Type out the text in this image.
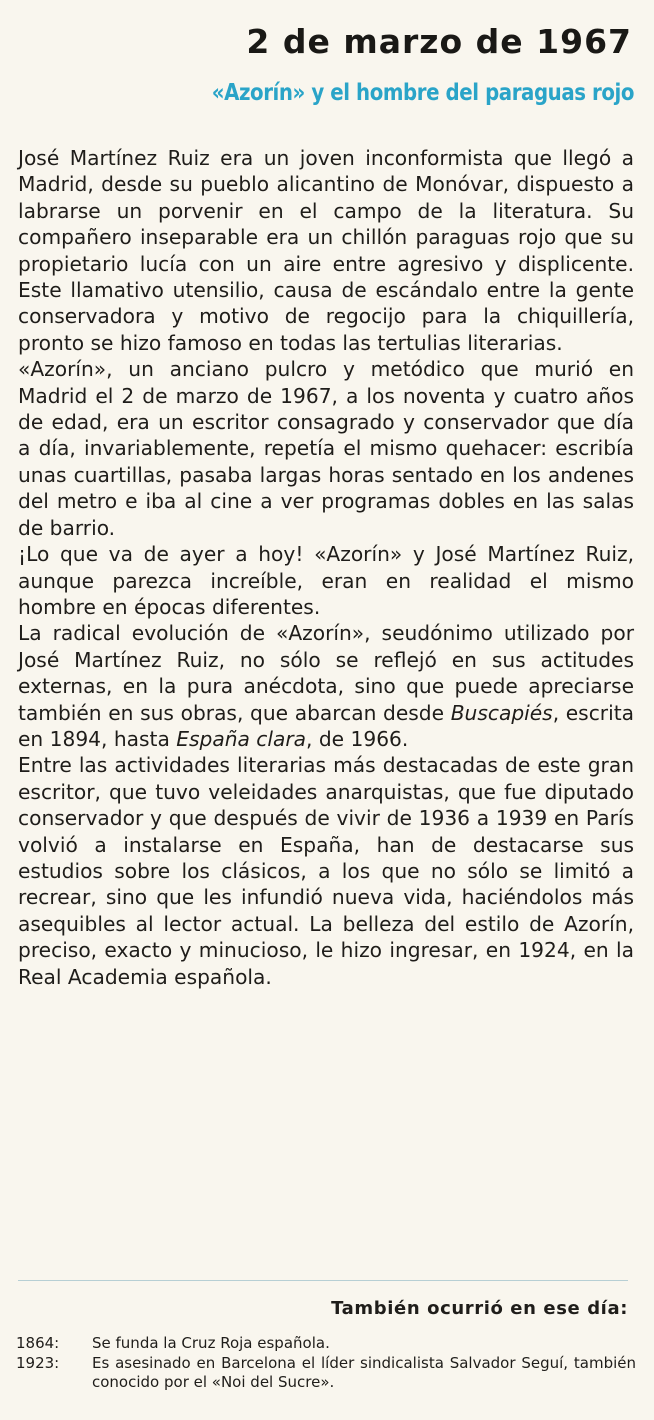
2 de marzo de 1967
«Azorín» y el hombre del paraguas rojo

José Martínez Ruiz era un joven inconformista que llegó a Madrid, desde su pueblo alicantino de Monóvar, dispuesto a labrarse un porvenir en el campo de la literatura. Su compañero inseparable era un chillón paraguas rojo que su propietario lucía con un aire entre agresivo y displicente. Este llamativo utensilio, causa de escándalo entre la gente conservadora y motivo de regocijo para la chiquillería, pronto se hizo famoso en todas las tertulias literarias.

«Azorín», un anciano pulcro y metódico que murió en Madrid el 2 de marzo de 1967, a los noventa y cuatro años de edad, era un escritor consagrado y conservador que día a día, invariablemente, repetía el mismo quehacer: escribía unas cuartillas, pasaba largas horas sentado en los andenes del metro e iba al cine a ver programas dobles en las salas de barrio.

¡Lo que va de ayer a hoy! «Azorín» y José Martínez Ruiz, aunque parezca increíble, eran en realidad el mismo hombre en épocas diferentes.

La radical evolución de «Azorín», seudónimo utilizado por José Martínez Ruiz, no sólo se reflejó en sus actitudes externas, en la pura anécdota, sino que puede apreciarse también en sus obras, que abarcan desde Buscapiés, escrita en 1894, hasta España clara, de 1966.

Entre las actividades literarias más destacadas de este gran escritor, que tuvo veleidades anarquistas, que fue diputado conservador y que después de vivir de 1936 a 1939 en París volvió a instalarse en España, han de destacarse sus estudios sobre los clásicos, a los que no sólo se limitó a recrear, sino que les infundió nueva vida, haciéndolos más asequibles al lector actual. La belleza del estilo de Azorín, preciso, exacto y minucioso, le hizo ingresar, en 1924, en la Real Academia española.

También ocurrió en ese día:
1864:	Se funda la Cruz Roja española.
1923:	Es asesinado en Barcelona el líder sindicalista Salvador Seguí, también conocido por el «Noi del Sucre».
